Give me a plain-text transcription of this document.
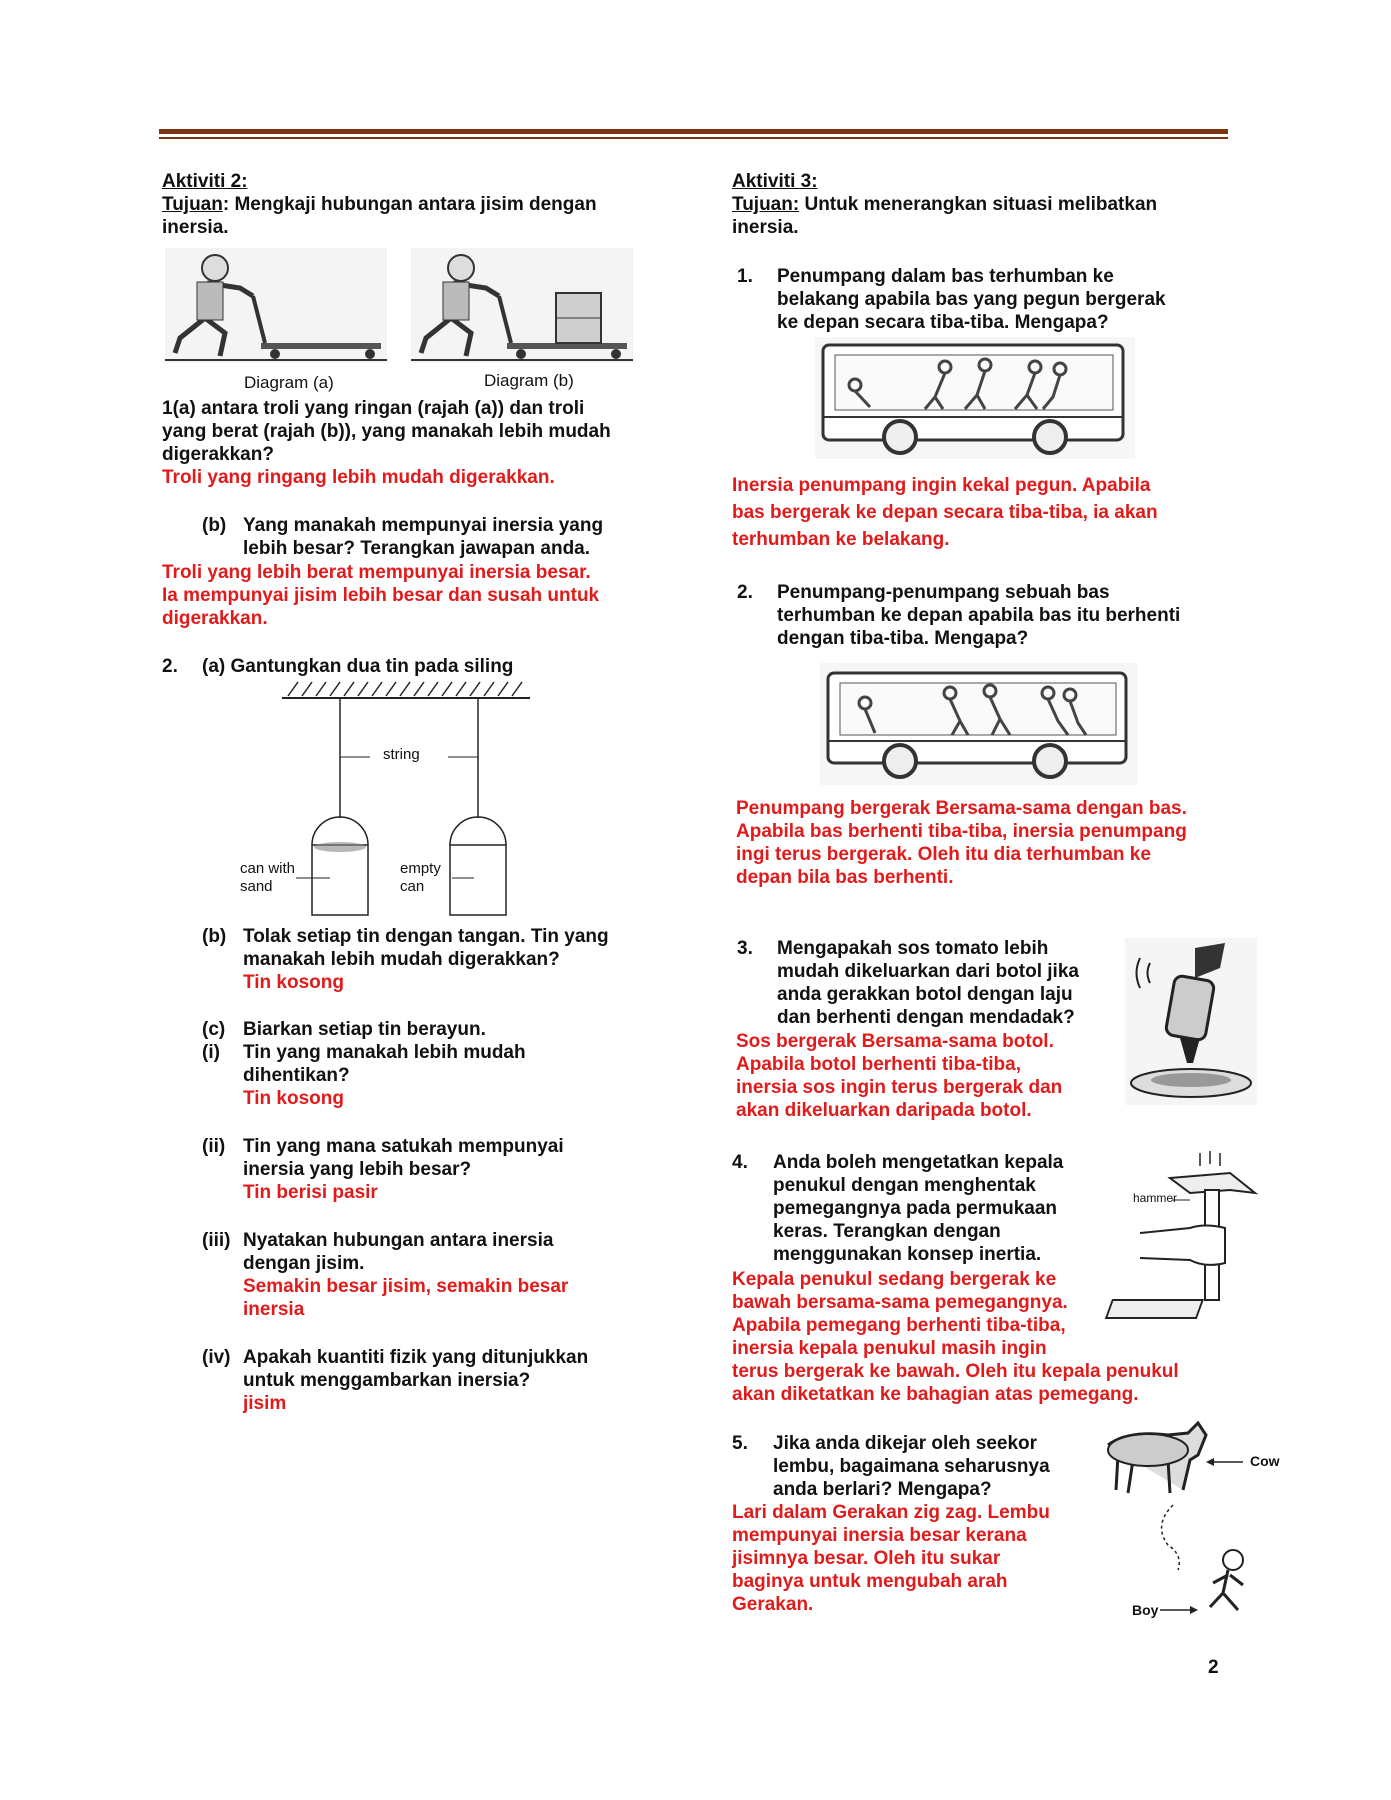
Aktiviti 2:
Tujuan: Mengkaji hubungan antara jisim dengan
inersia.
Diagram (a)	Diagram (b)
1(a) antara troli yang ringan (rajah (a)) dan troli
yang berat (rajah (b)), yang manakah lebih mudah
digerakkan?
Troli yang ringang lebih mudah digerakkan.
(b) Yang manakah mempunyai inersia yang
lebih besar? Terangkan jawapan anda.
Troli yang lebih berat mempunyai inersia besar.
Ia mempunyai jisim lebih besar dan susah untuk
digerakkan.
2. (a) Gantungkan dua tin pada siling
string
can with
sand
empty
can
(b) Tolak setiap tin dengan tangan. Tin yang
manakah lebih mudah digerakkan?
Tin kosong
(c)
(i)
Biarkan setiap tin berayun.
Tin yang manakah lebih mudah
dihentikan?
Tin kosong
(ii) Tin yang mana satukah mempunyai
inersia yang lebih besar?
Tin berisi pasir
(iii) Nyatakan hubungan antara inersia
dengan jisim.
Semakin besar jisim, semakin besar
inersia
(iv) Apakah kuantiti fizik yang ditunjukkan
untuk menggambarkan inersia?
jisim
Aktiviti 3:
Tujuan: Untuk menerangkan situasi melibatkan
inersia.
1. Penumpang dalam bas terhumban ke
belakang apabila bas yang pegun bergerak
ke depan secara tiba-tiba. Mengapa?
Inersia penumpang ingin kekal pegun. Apabila
bas bergerak ke depan secara tiba-tiba, ia akan
terhumban ke belakang.
2. Penumpang-penumpang sebuah bas
terhumban ke depan apabila bas itu berhenti
dengan tiba-tiba. Mengapa?
Penumpang bergerak Bersama-sama dengan bas.
Apabila bas berhenti tiba-tiba, inersia penumpang
ingi terus bergerak. Oleh itu dia terhumban ke
depan bila bas berhenti.
3. Mengapakah sos tomato lebih
mudah dikeluarkan dari botol jika
anda gerakkan botol dengan laju
dan berhenti dengan mendadak?
Sos bergerak Bersama-sama botol.
Apabila botol berhenti tiba-tiba,
inersia sos ingin terus bergerak dan
akan dikeluarkan daripada botol.
4. Anda boleh mengetatkan kepala
penukul dengan menghentak
pemegangnya pada permukaan
keras. Terangkan dengan
menggunakan konsep inertia.
hammer
Kepala penukul sedang bergerak ke
bawah bersama-sama pemegangnya.
Apabila pemegang berhenti tiba-tiba,
inersia kepala penukul masih ingin
terus bergerak ke bawah. Oleh itu kepala penukul
akan diketatkan ke bahagian atas pemegang.
5. Jika anda dikejar oleh seekor
lembu, bagaimana seharusnya
anda berlari? Mengapa?
Lari dalam Gerakan zig zag. Lembu
mempunyai inersia besar kerana
jisimnya besar. Oleh itu sukar
baginya untuk mengubah arah
Gerakan.
Cow
Boy
2
